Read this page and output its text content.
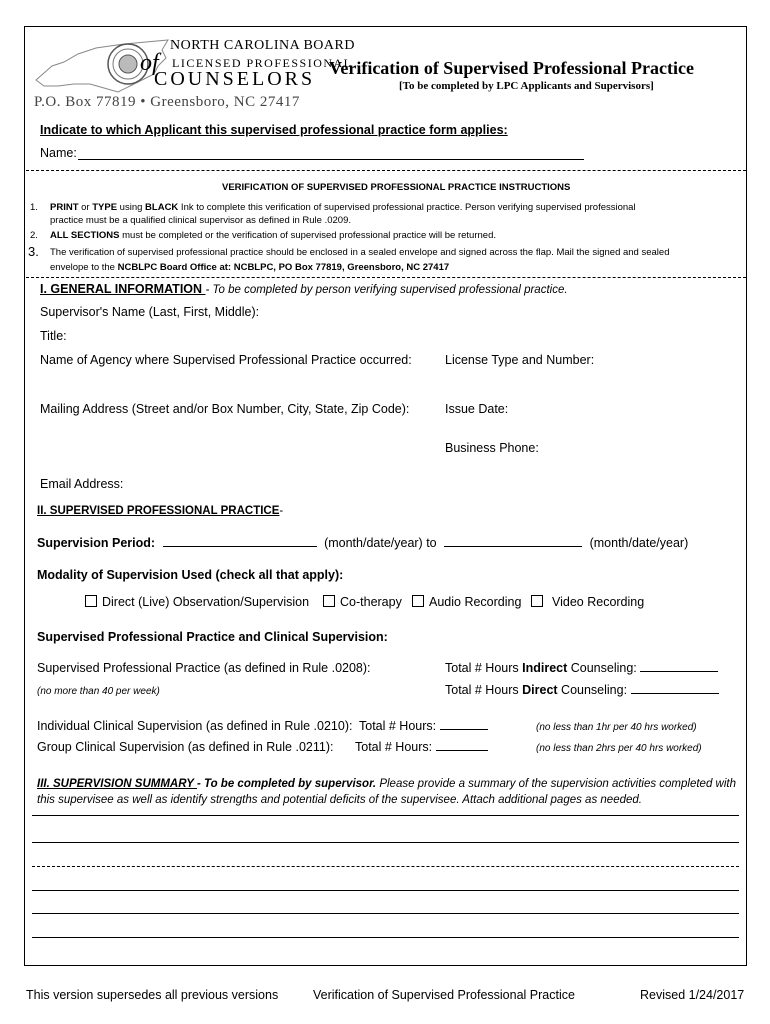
NORTH CAROLINA BOARD
of LICENSED PROFESSIONAL
COUNSELORS
P.O. Box 77819 • Greensboro, NC 27417
Verification of Supervised Professional Practice
[To be completed by LPC Applicants and Supervisors]
Indicate to which Applicant this supervised professional practice form applies:
Name:
VERIFICATION OF SUPERVISED PROFESSIONAL PRACTICE INSTRUCTIONS
1. PRINT or TYPE using BLACK Ink to complete this verification of supervised professional practice. Person verifying supervised professional
practice must be a qualified clinical supervisor as defined in Rule .0209.
2. ALL SECTIONS must be completed or the verification of supervised professional practice will be returned.
3. The verification of supervised professional practice should be enclosed in a sealed envelope and signed across the flap. Mail the signed and sealed
envelope to the NCBLPC Board Office at: NCBLPC, PO Box 77819, Greensboro, NC 27417
I. GENERAL INFORMATION - To be completed by person verifying supervised professional practice.
Supervisor's Name (Last, First, Middle):
Title:
Name of Agency where Supervised Professional Practice occurred:	License Type and Number:
Mailing Address (Street and/or Box Number, City, State, Zip Code):	Issue Date:
Business Phone:
Email Address:
II. SUPERVISED PROFESSIONAL PRACTICE-
Supervision Period:	(month/date/year) to	(month/date/year)
Modality of Supervision Used (check all that apply):
Direct (Live) Observation/Supervision	Co-therapy	Audio Recording	Video Recording
Supervised Professional Practice and Clinical Supervision:
Supervised Professional Practice (as defined in Rule .0208):	Total # Hours Indirect Counseling:
(no more than 40 per week)	Total # Hours Direct Counseling:
Individual Clinical Supervision (as defined in Rule .0210): Total # Hours:	(no less than 1hr per 40 hrs worked)
Group Clinical Supervision (as defined in Rule .0211): Total # Hours:	(no less than 2hrs per 40 hrs worked)
III. SUPERVISION SUMMARY - To be completed by supervisor. Please provide a summary of the supervision activities completed with
this supervisee as well as identify strengths and potential deficits of the supervisee. Attach additional pages as needed.
This version supersedes all previous versions	Verification of Supervised Professional Practice	Revised 1/24/2017
